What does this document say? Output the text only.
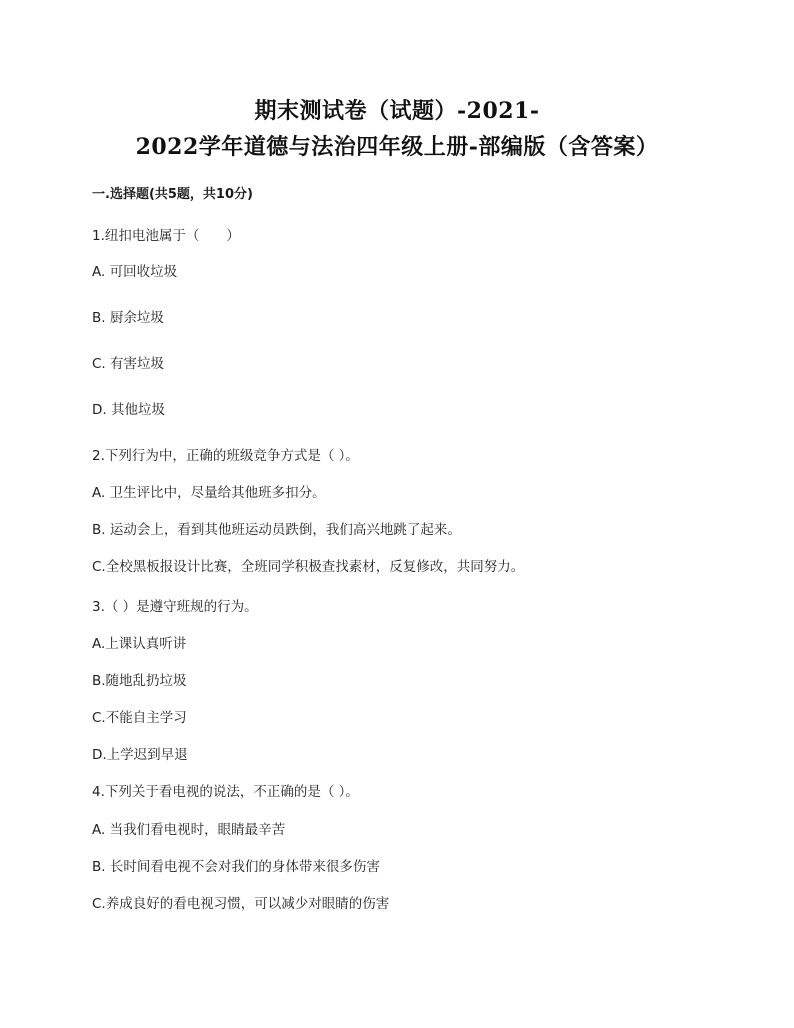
期末测试卷（试题）-2021-
2022学年道德与法治四年级上册-部编版（含答案）
一.选择题(共5题，共10分)
1.纽扣电池属于（　　）
A. 可回收垃圾
B. 厨余垃圾
C. 有害垃圾
D. 其他垃圾
2.下列行为中，正确的班级竞争方式是（ ）。
A. 卫生评比中，尽量给其他班多扣分。
B. 运动会上，看到其他班运动员跌倒，我们高兴地跳了起来。
C.全校黑板报设计比赛，全班同学积极查找素材，反复修改，共同努力。
3.（ ）是遵守班规的行为。
A.上课认真听讲
B.随地乱扔垃圾
C.不能自主学习
D.上学迟到早退
4.下列关于看电视的说法，不正确的是（ ）。
A. 当我们看电视时，眼睛最辛苦
B. 长时间看电视不会对我们的身体带来很多伤害
C.养成良好的看电视习惯，可以减少对眼睛的伤害
